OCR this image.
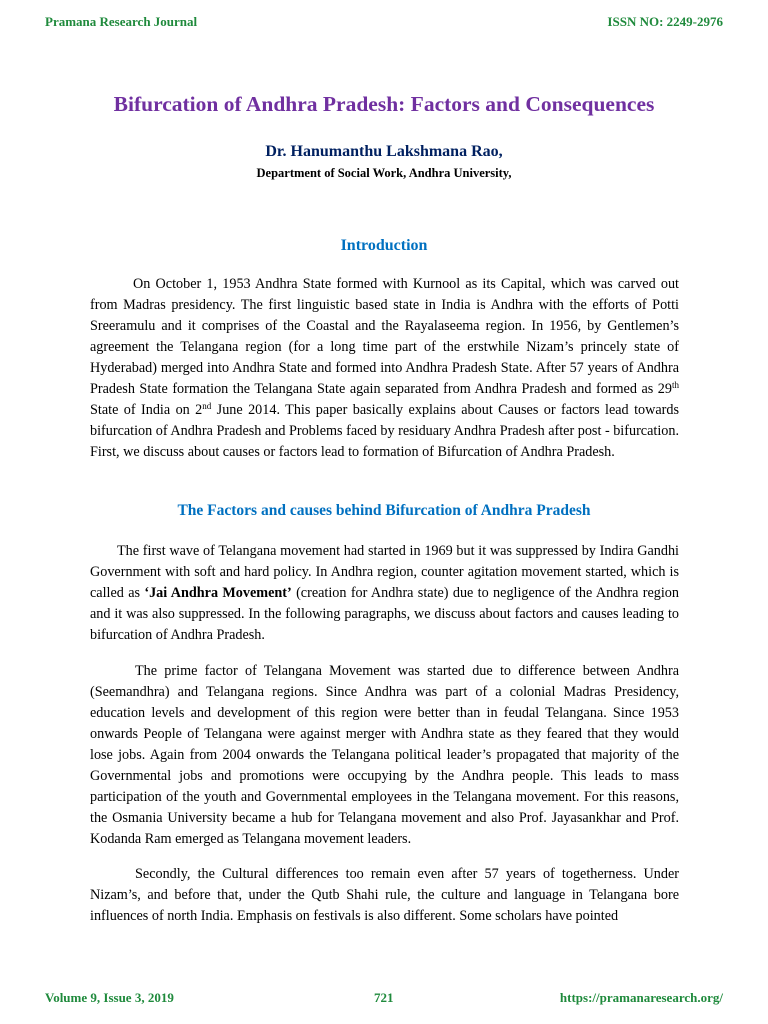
Pramana Research Journal	ISSN NO: 2249-2976
Bifurcation of Andhra Pradesh: Factors and Consequences
Dr. Hanumanthu Lakshmana Rao,
Department of Social Work, Andhra University,
Introduction

On October 1, 1953 Andhra State formed with Kurnool as its Capital, which was carved out from Madras presidency. The first linguistic based state in India is Andhra with the efforts of Potti Sreeramulu and it comprises of the Coastal and the Rayalaseema region. In 1956, by Gentlemen’s agreement the Telangana region (for a long time part of the erstwhile Nizam’s princely state of Hyderabad) merged into Andhra State and formed into Andhra Pradesh State. After 57 years of Andhra Pradesh State formation the Telangana State again separated from Andhra Pradesh and formed as 29th State of India on 2nd June 2014. This paper basically explains about Causes or factors lead towards bifurcation of Andhra Pradesh and Problems faced by residuary Andhra Pradesh after post - bifurcation. First, we discuss about causes or factors lead to formation of Bifurcation of Andhra Pradesh.

The Factors and causes behind Bifurcation of Andhra Pradesh

The first wave of Telangana movement had started in 1969 but it was suppressed by Indira Gandhi Government with soft and hard policy. In Andhra region, counter agitation movement started, which is called as ‘Jai Andhra Movement’ (creation for Andhra state) due to negligence of the Andhra region and it was also suppressed. In the following paragraphs, we discuss about factors and causes leading to bifurcation of Andhra Pradesh.

The prime factor of Telangana Movement was started due to difference between Andhra (Seemandhra) and Telangana regions. Since Andhra was part of a colonial Madras Presidency, education levels and development of this region were better than in feudal Telangana. Since 1953 onwards People of Telangana were against merger with Andhra state as they feared that they would lose jobs. Again from 2004 onwards the Telangana political leader’s propagated that majority of the Governmental jobs and promotions were occupying by the Andhra people. This leads to mass participation of the youth and Governmental employees in the Telangana movement. For this reasons, the Osmania University became a hub for Telangana movement and also Prof. Jayasankhar and Prof. Kodanda Ram emerged as Telangana movement leaders.

Secondly, the Cultural differences too remain even after 57 years of togetherness. Under Nizam’s, and before that, under the Qutb Shahi rule, the culture and language in Telangana bore influences of north India. Emphasis on festivals is also different. Some scholars have pointed

Volume 9, Issue 3, 2019	721	https://pramanaresearch.org/
